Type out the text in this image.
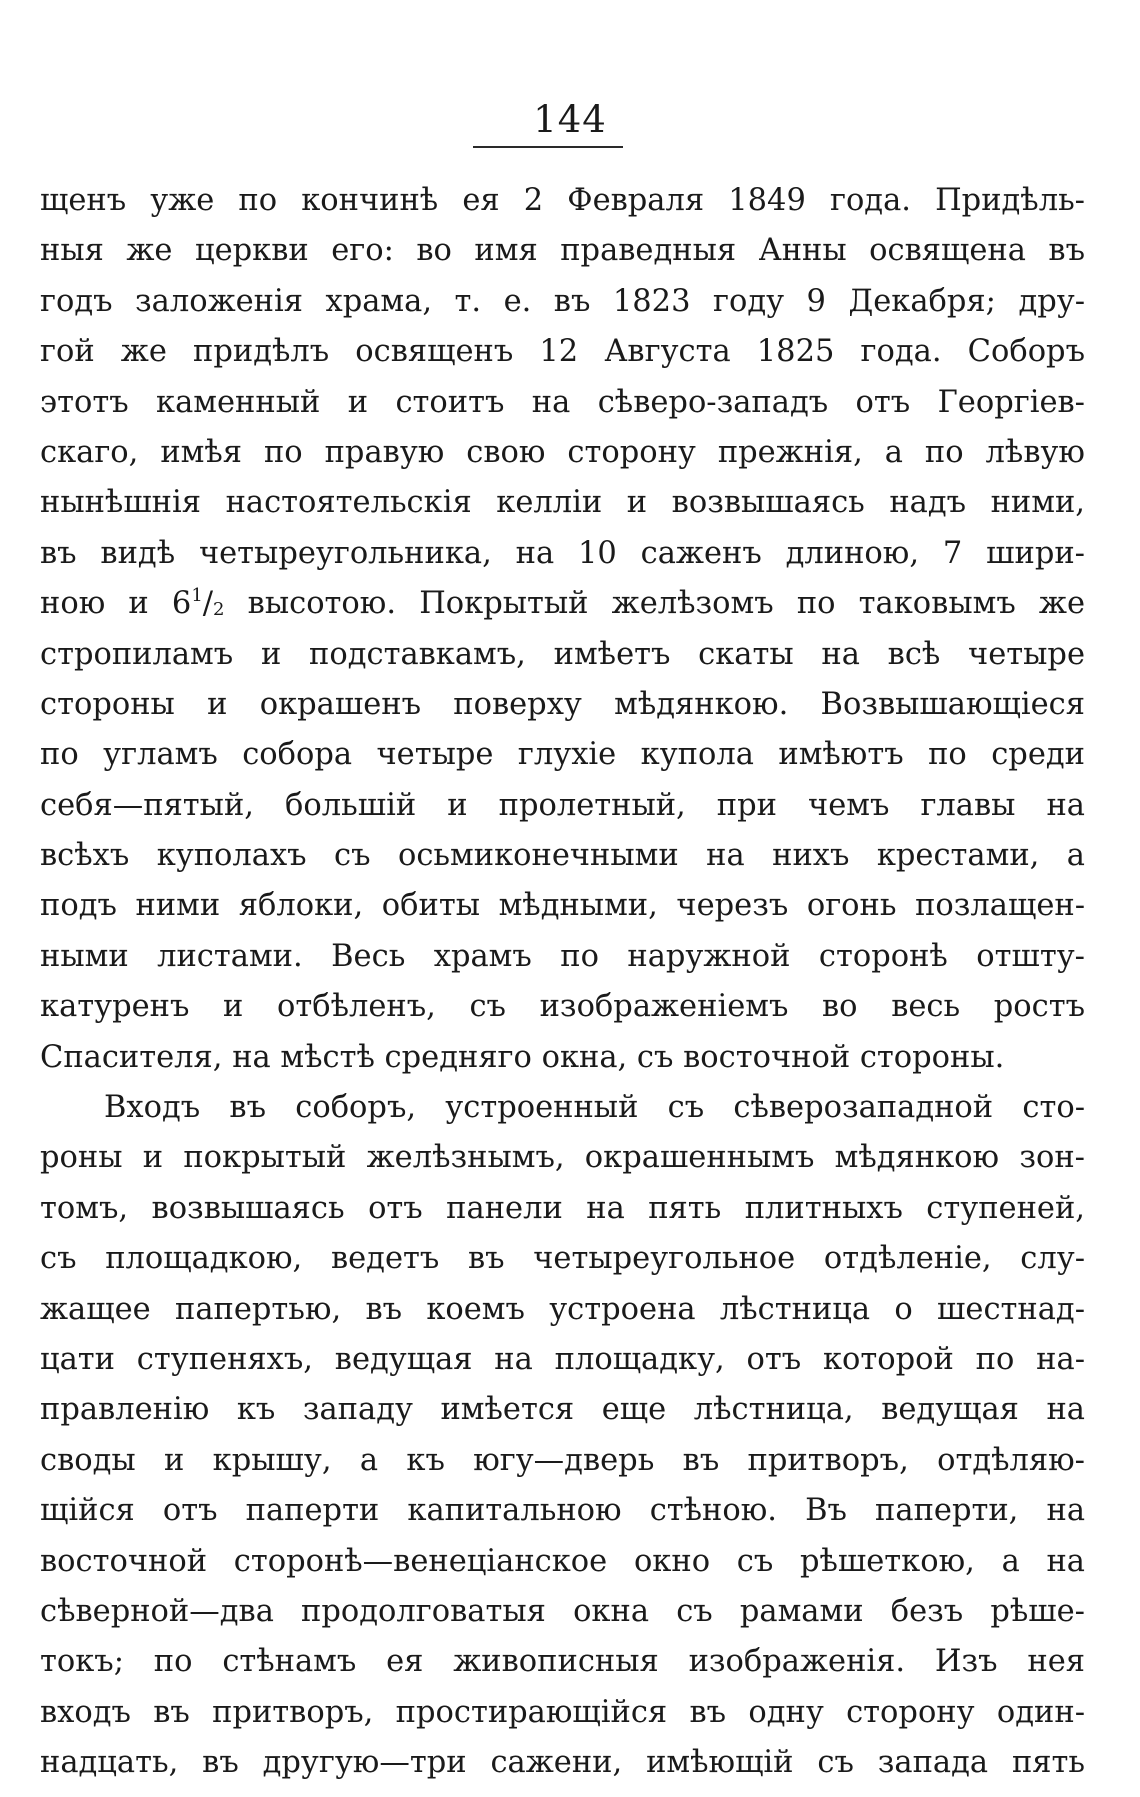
144
щенъ уже по кончинѣ ея 2 Февраля 1849 года. Придѣль-
ныя же церкви его: во имя праведныя Анны освящена въ
годъ заложенія храма, т. е. въ 1823 году 9 Декабря; дру-
гой же придѣлъ освященъ 12 Августа 1825 года. Соборъ
этотъ каменный и стоитъ на сѣверо-западъ отъ Георгіев-
скаго, имѣя по правую свою сторону прежнія, а по лѣвую
нынѣшнія настоятельскія келліи и возвышаясь надъ ними,
въ видѣ четыреугольника, на 10 саженъ длиною, 7 шири-
ною и $6^1/_2$ высотою. Покрытый желѣзомъ по таковымъ же
стропиламъ и подставкамъ, имѣетъ скаты на всѣ четыре
стороны и окрашенъ поверху мѣдянкою. Возвышающіеся
по угламъ собора четыре глухіе купола имѣютъ по среди
себя—пятый, большій и пролетный, при чемъ главы на
всѣхъ куполахъ съ осьмиконечными на нихъ крестами, а
подъ ними яблоки, обиты мѣдными, черезъ огонь позлащен-
ными листами. Весь храмъ по наружной сторонѣ отшту-
катуренъ и отбѣленъ, съ изображеніемъ во весь ростъ
Спасителя, на мѣстѣ средняго окна, съ восточной стороны.
Входъ въ соборъ, устроенный съ сѣверозападной сто-
роны и покрытый желѣзнымъ, окрашеннымъ мѣдянкою зон-
томъ, возвышаясь отъ панели на пять плитныхъ ступеней,
съ площадкою, ведетъ въ четыреугольное отдѣленіе, слу-
жащее папертью, въ коемъ устроена лѣстница о шестнад-
цати ступеняхъ, ведущая на площадку, отъ которой по на-
правленію къ западу имѣется еще лѣстница, ведущая на
своды и крышу, а къ югу—дверь въ притворъ, отдѣляю-
щійся отъ паперти капитальною стѣною. Въ паперти, на
восточной сторонѣ—венеціанское окно съ рѣшеткою, а на
сѣверной—два продолговатыя окна съ рамами безъ рѣше-
токъ; по стѣнамъ ея живописныя изображенія. Изъ нея
входъ въ притворъ, простирающійся въ одну сторону один-
надцать, въ другую—три сажени, имѣющій съ запада пять
